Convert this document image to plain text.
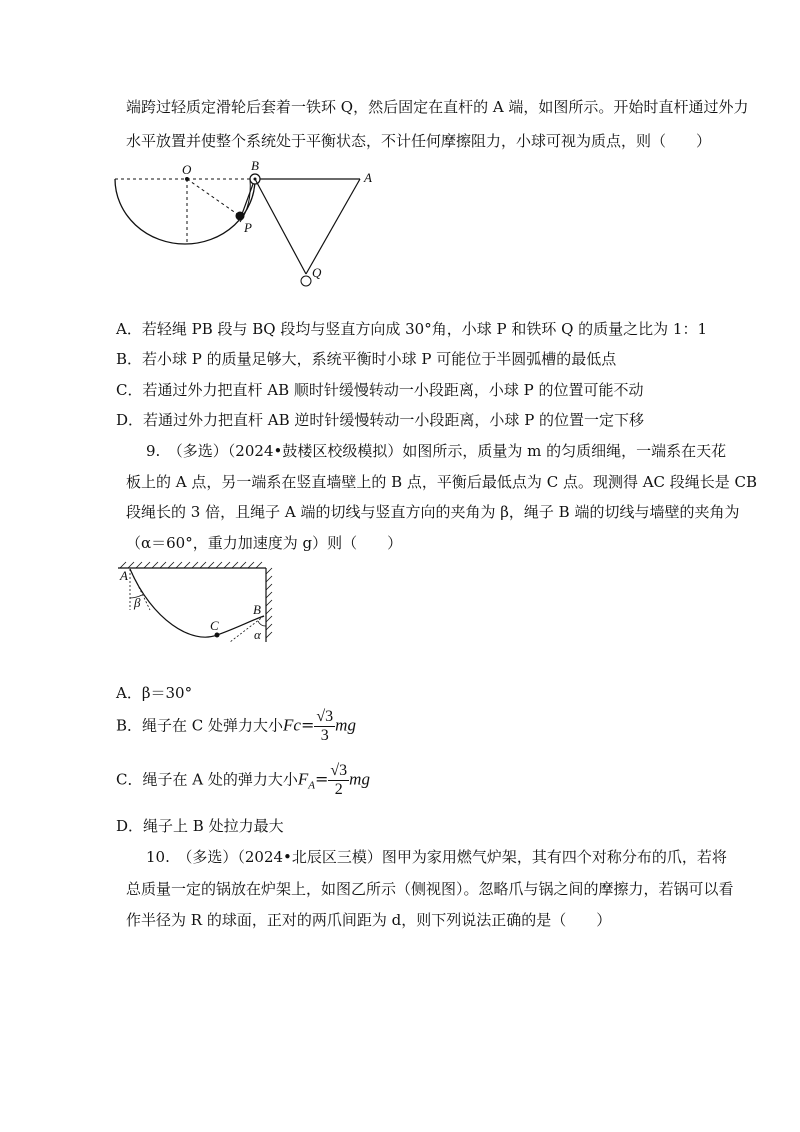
端跨过轻质定滑轮后套着一铁环 Q，然后固定在直杆的 A 端，如图所示。开始时直杆通过外力
水平放置并使整个系统处于平衡状态，不计任何摩擦阻力，小球可视为质点，则（　　）
O	B
A
P
Q
A．若轻绳 PB 段与 BQ 段均与竖直方向成 30°角，小球 P 和铁环 Q 的质量之比为 1：1
B．若小球 P 的质量足够大，系统平衡时小球 P 可能位于半圆弧槽的最低点
C．若通过外力把直杆 AB 顺时针缓慢转动一小段距离，小球 P 的位置可能不动
D．若通过外力把直杆 AB 逆时针缓慢转动一小段距离，小球 P 的位置一定下移
9.　（多选）（2024•鼓楼区校级模拟）如图所示，质量为 m 的匀质细绳，一端系在天花
板上的 A 点，另一端系在竖直墙壁上的 B 点，平衡后最低点为 C 点。现测得 AC 段绳长是 CB
段绳长的 3 倍，且绳子 A 端的切线与竖直方向的夹角为 β，绳子 B 端的切线与墙壁的夹角为
（α＝60°，重力加速度为 g）则（　　）
A
β
C
B
α
A．β＝30°
B．绳子在 C 处弹力大小$Fc= \frac{√3}{3}$ mg
C．绳子在 A 处的弹力大小$F_A= \frac{√3}{2}$ mg
D．绳子上 B 处拉力最大
10.　（多选）（2024•北辰区三模）图甲为家用燃气炉架，其有四个对称分布的爪，若将
总质量一定的锅放在炉架上，如图乙所示（侧视图）。忽略爪与锅之间的摩擦力，若锅可以看
作半径为 R 的球面，正对的两爪间距为 d，则下列说法正确的是（　　）
